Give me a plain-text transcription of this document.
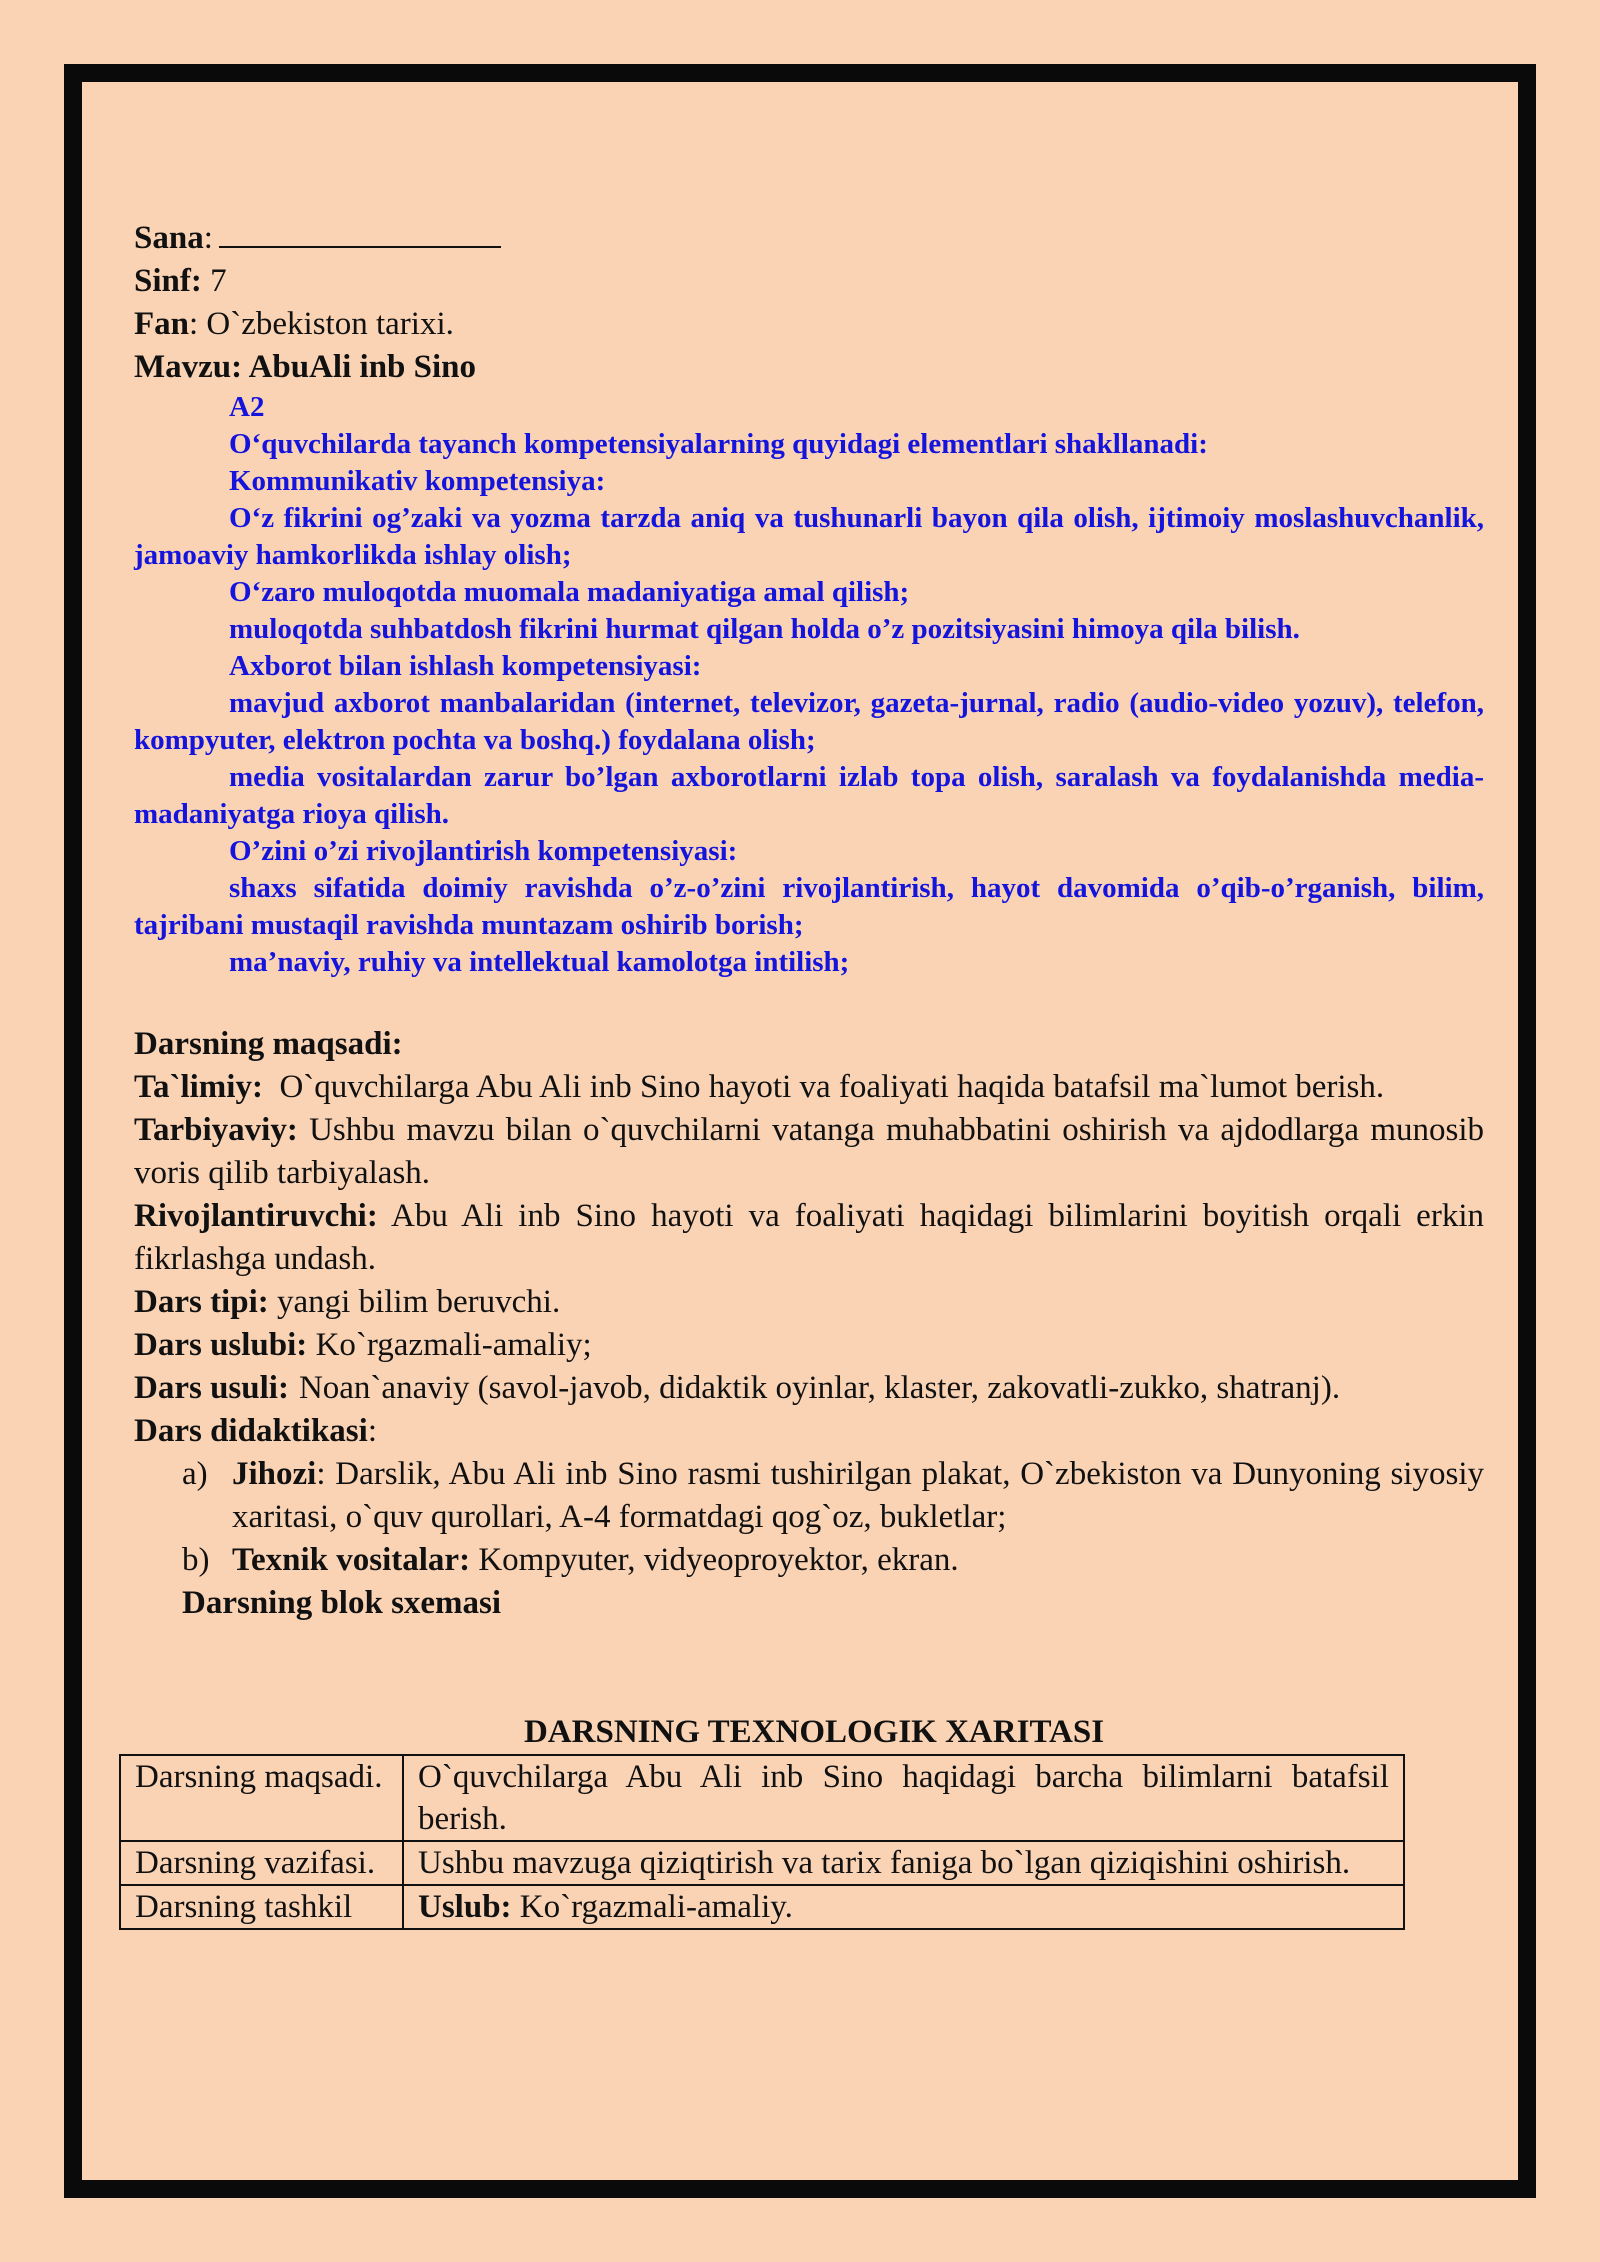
Sana:

Sinf: 7

Fan: O`zbekiston tarixi.

Mavzu: AbuAli inb Sino

A2

O‘quvchilarda tayanch kompetensiyalarning quyidagi elementlari shakllanadi:

Kommunikativ kompetensiya:

O‘z fikrini og’zaki va yozma tarzda aniq va tushunarli bayon qila olish, ijtimoiy moslashuvchanlik, jamoaviy hamkorlikda ishlay olish;

O‘zaro muloqotda muomala madaniyatiga amal qilish;

muloqotda suhbatdosh fikrini hurmat qilgan holda o’z pozitsiyasini himoya qila bilish.

Axborot bilan ishlash kompetensiyasi:

mavjud axborot manbalaridan (internet, televizor, gazeta-jurnal, radio (audio-video yozuv), telefon, kompyuter, elektron pochta va boshq.) foydalana olish;

media vositalardan zarur bo’lgan axborotlarni izlab topa olish, saralash va foydalanishda media-madaniyatga rioya qilish.

O’zini o’zi rivojlantirish kompetensiyasi:

shaxs sifatida doimiy ravishda o’z-o’zini rivojlantirish, hayot davomida o’qib-o’rganish, bilim, tajribani mustaqil ravishda muntazam oshirib borish;

ma’naviy, ruhiy va intellektual kamolotga intilish;

Darsning maqsadi:

Ta`limiy: O`quvchilarga Abu Ali inb Sino hayoti va foaliyati haqida batafsil ma`lumot berish.

Tarbiyaviy: Ushbu mavzu bilan o`quvchilarni vatanga muhabbatini oshirish va ajdodlarga munosib voris qilib tarbiyalash.

Rivojlantiruvchi: Abu Ali inb Sino hayoti va foaliyati haqidagi bilimlarini boyitish orqali erkin fikrlashga undash.

Dars tipi: yangi bilim beruvchi.

Dars uslubi: Ko`rgazmali-amaliy;

Dars usuli: Noan`anaviy (savol-javob, didaktik oyinlar, klaster, zakovatli-zukko, shatranj).

Dars didaktikasi:

a) Jihozi: Darslik, Abu Ali inb Sino rasmi tushirilgan plakat, O`zbekiston va Dunyoning siyosiy xaritasi, o`quv qurollari, A-4 formatdagi qog`oz, bukletlar;
b) Texnik vositalar: Kompyuter, vidyeoproyektor, ekran.

Darsning blok sxemasi

DARSNING TEXNOLOGIK XARITASI
Darsning maqsadi.	O`quvchilarga Abu Ali inb Sino haqidagi barcha bilimlarni batafsil berish.
Darsning vazifasi.	Ushbu mavzuga qiziqtirish va tarix faniga bo`lgan qiziqishini oshirish.
Darsning tashkil	Uslub: Ko`rgazmali-amaliy.
